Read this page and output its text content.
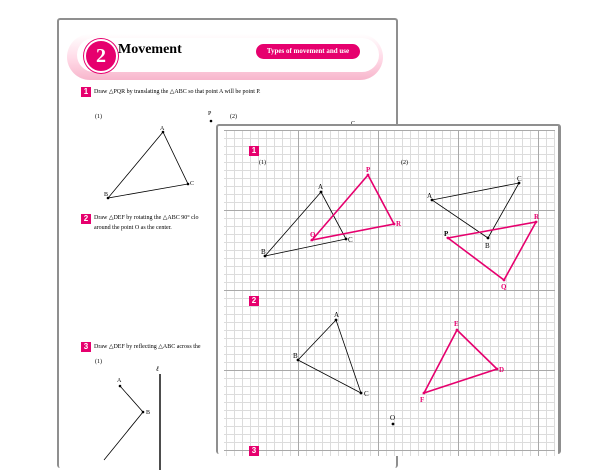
2 Movement	Types of movement and use
1 Draw △PQR by translating the △ABC so that point A will be point P.
(1)	(2)
2 Draw △DEF by rotating the △ABC 90° clo
around the point O as the center.
3 Draw △DEF by reflecting △ABC across the
(1)
A
B
C
P
A
B
ℓ
1
(1)	(2)
2
3
A
B
C
P
Q
R
A
C
B
P
R
Q
A
B
C
E
D
F
O
